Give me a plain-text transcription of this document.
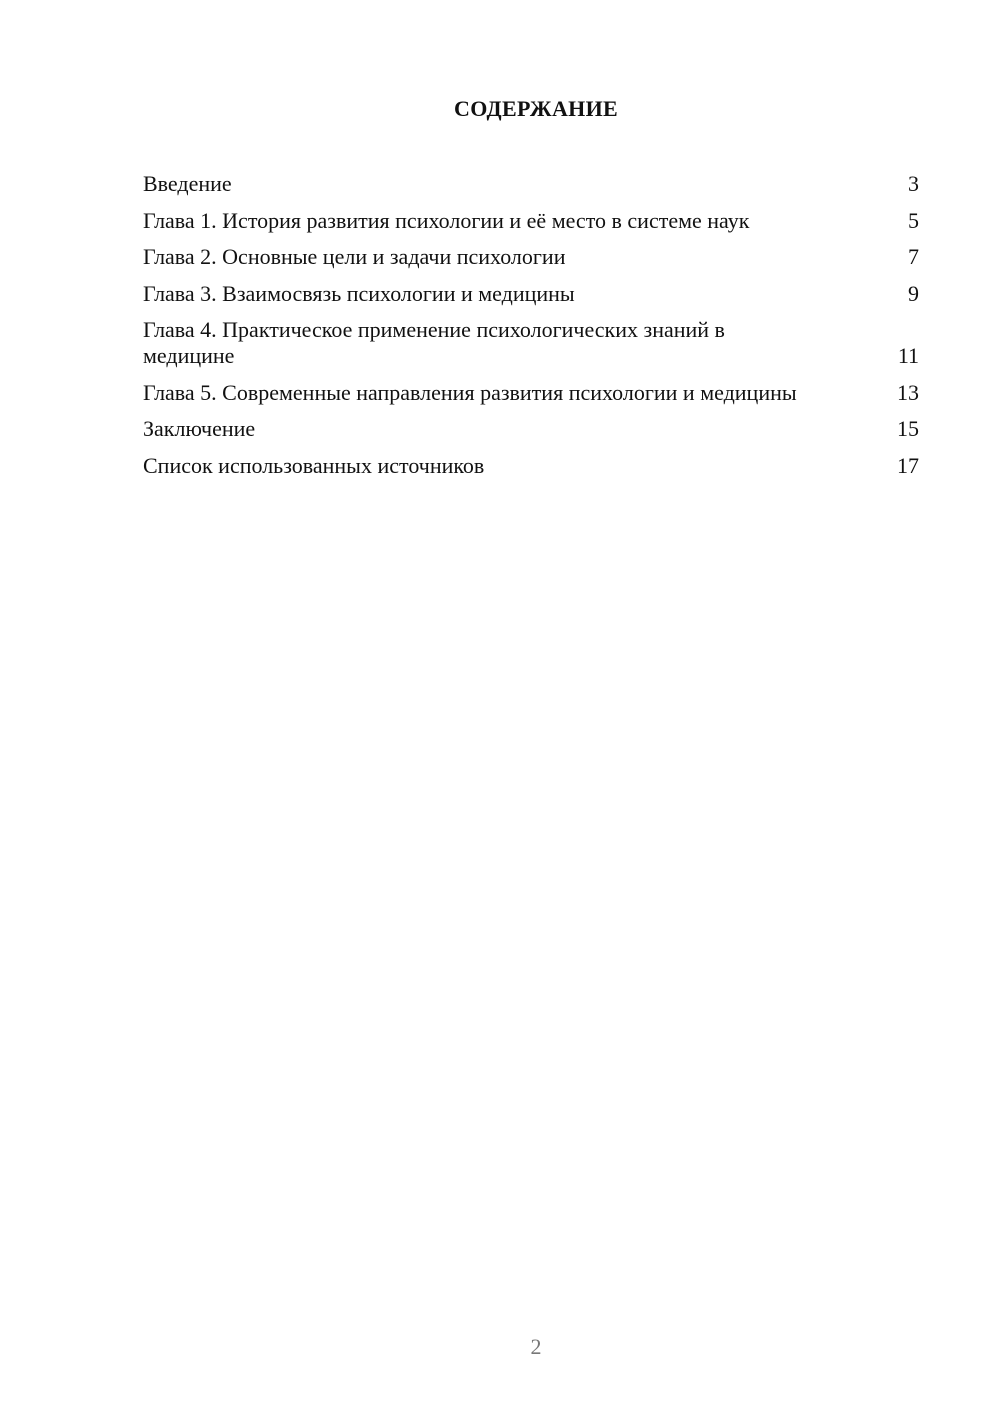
СОДЕРЖАНИЕ
Введение	3
Глава 1. История развития психологии и её место в системе наук	5
Глава 2. Основные цели и задачи психологии	7
Глава 3. Взаимосвязь психологии и медицины	9
Глава 4. Практическое применение психологических знаний в медицине	11
Глава 5. Современные направления развития психологии и медицины	13
Заключение	15
Список использованных источников	17
2
